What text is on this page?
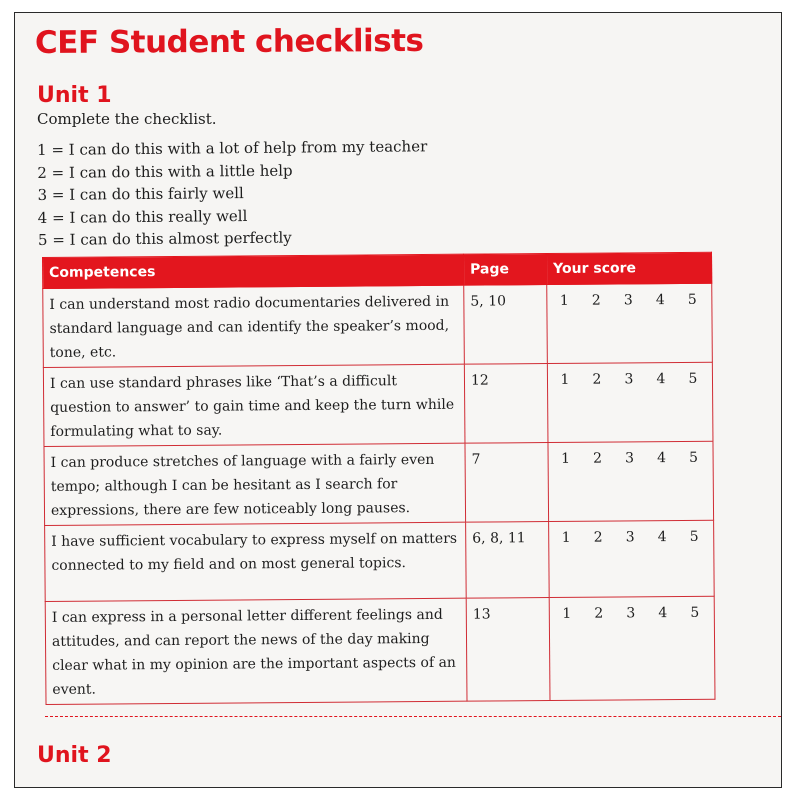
CEF Student checklists
Unit 1
Complete the checklist.
1 = I can do this with a lot of help from my teacher
2 = I can do this with a little help
3 = I can do this fairly well
4 = I can do this really well
5 = I can do this almost perfectly
Competences	Page	Your score
I can understand most radio documentaries delivered in standard language and can identify the speaker’s mood, tone, etc.	5, 10	1 2 3 4 5

I can use standard phrases like ‘That’s a difficult question to answer’ to gain time and keep the turn while formulating what to say.	12	1 2 3 4 5

I can produce stretches of language with a fairly even tempo; although I can be hesitant as I search for expressions, there are few noticeably long pauses.	7	1 2 3 4 5

I have sufficient vocabulary to express myself on matters connected to my field and on most general topics.	6, 8, 11	1 2 3 4 5

I can express in a personal letter different feelings and attitudes, and can report the news of the day making clear what in my opinion are the important aspects of an event.	13	1 2 3 4 5
Unit 2
